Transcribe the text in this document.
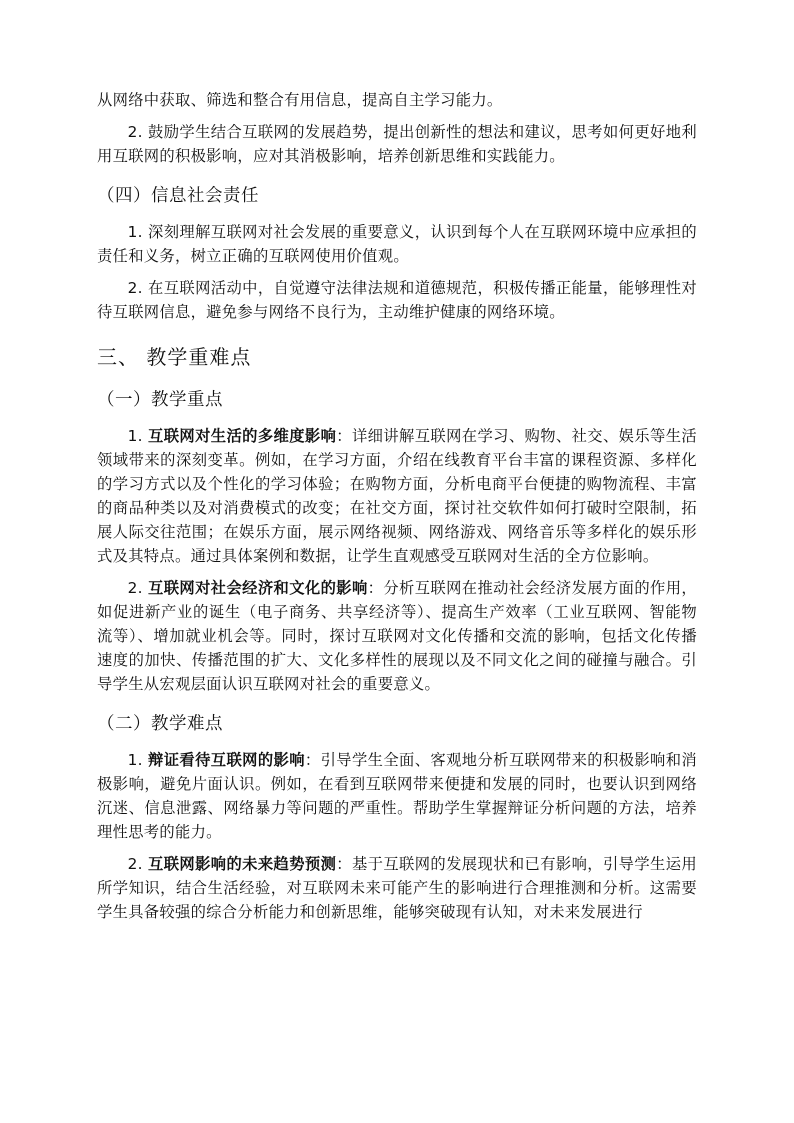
从网络中获取、筛选和整合有用信息，提高自主学习能力。

2. 鼓励学生结合互联网的发展趋势，提出创新性的想法和建议，思考如何更好地利用互联网的积极影响，应对其消极影响，培养创新思维和实践能力。

（四）信息社会责任

1. 深刻理解互联网对社会发展的重要意义，认识到每个人在互联网环境中应承担的责任和义务，树立正确的互联网使用价值观。

2. 在互联网活动中，自觉遵守法律法规和道德规范，积极传播正能量，能够理性对待互联网信息，避免参与网络不良行为，主动维护健康的网络环境。

三、 教学重难点
（一）教学重点

1. 互联网对生活的多维度影响：详细讲解互联网在学习、购物、社交、娱乐等生活领域带来的深刻变革。例如，在学习方面，介绍在线教育平台丰富的课程资源、多样化的学习方式以及个性化的学习体验；在购物方面，分析电商平台便捷的购物流程、丰富的商品种类以及对消费模式的改变；在社交方面，探讨社交软件如何打破时空限制，拓展人际交往范围；在娱乐方面，展示网络视频、网络游戏、网络音乐等多样化的娱乐形式及其特点。通过具体案例和数据，让学生直观感受互联网对生活的全方位影响。

2. 互联网对社会经济和文化的影响：分析互联网在推动社会经济发展方面的作用，如促进新产业的诞生（电子商务、共享经济等）、提高生产效率（工业互联网、智能物流等）、增加就业机会等。同时，探讨互联网对文化传播和交流的影响，包括文化传播速度的加快、传播范围的扩大、文化多样性的展现以及不同文化之间的碰撞与融合。引导学生从宏观层面认识互联网对社会的重要意义。

（二）教学难点

1. 辩证看待互联网的影响：引导学生全面、客观地分析互联网带来的积极影响和消极影响，避免片面认识。例如，在看到互联网带来便捷和发展的同时，也要认识到网络沉迷、信息泄露、网络暴力等问题的严重性。帮助学生掌握辩证分析问题的方法，培养理性思考的能力。

2. 互联网影响的未来趋势预测：基于互联网的发展现状和已有影响，引导学生运用所学知识，结合生活经验，对互联网未来可能产生的影响进行合理推测和分析。这需要学生具备较强的综合分析能力和创新思维，能够突破现有认知，对未来发展进行
